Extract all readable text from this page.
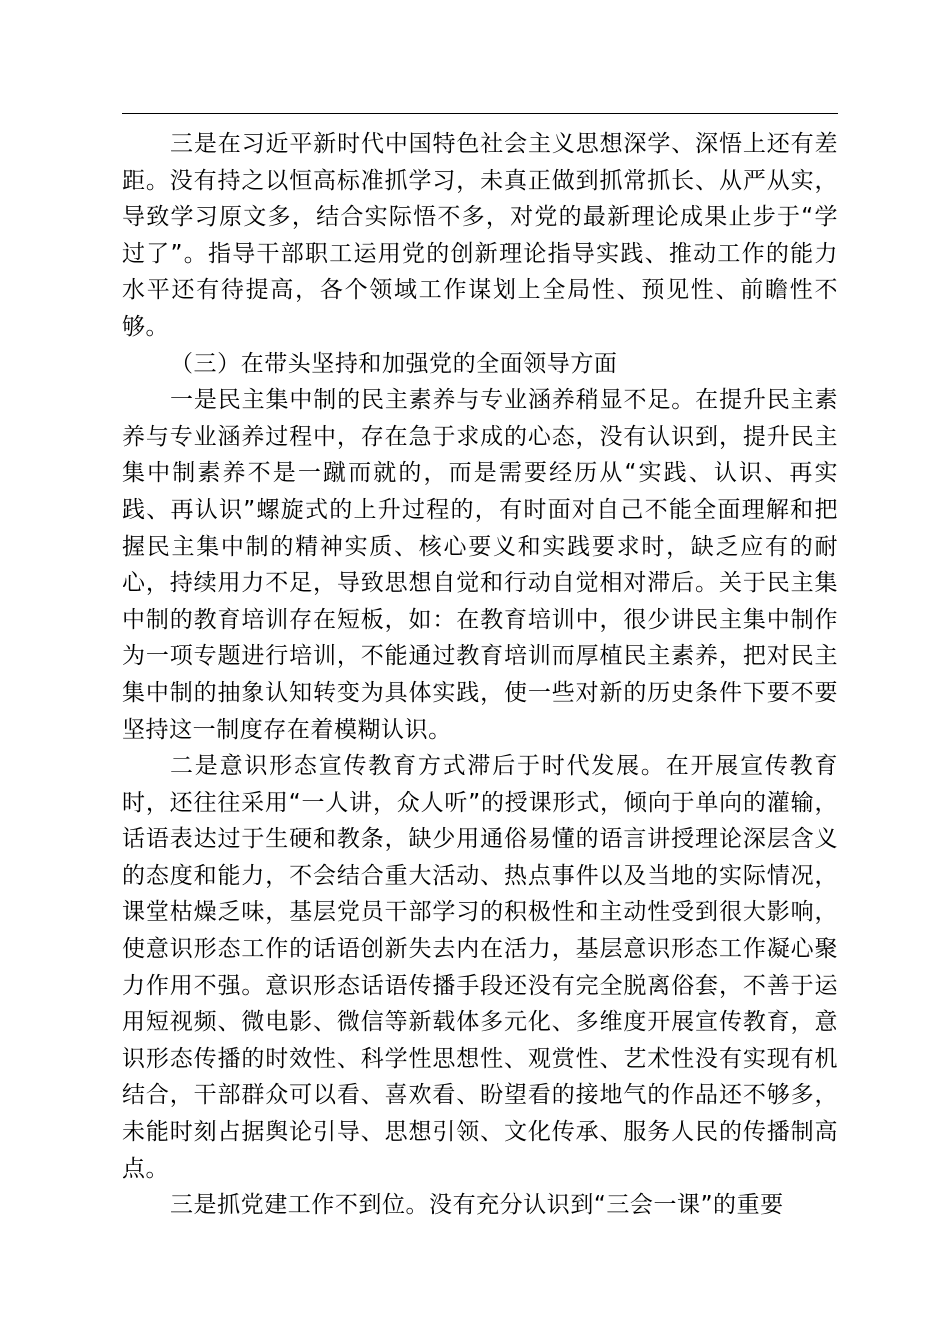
三是在习近平新时代中国特色社会主义思想深学、深悟上还有差距。没有持之以恒高标准抓学习，未真正做到抓常抓长、从严从实，导致学习原文多，结合实际悟不多，对党的最新理论成果止步于“学过了”。指导干部职工运用党的创新理论指导实践、推动工作的能力水平还有待提高，各个领域工作谋划上全局性、预见性、前瞻性不够。

（三）在带头坚持和加强党的全面领导方面

一是民主集中制的民主素养与专业涵养稍显不足。在提升民主素养与专业涵养过程中，存在急于求成的心态，没有认识到，提升民主集中制素养不是一蹴而就的，而是需要经历从“实践、认识、再实践、再认识”螺旋式的上升过程的，有时面对自己不能全面理解和把握民主集中制的精神实质、核心要义和实践要求时，缺乏应有的耐心，持续用力不足，导致思想自觉和行动自觉相对滞后。关于民主集中制的教育培训存在短板，如：在教育培训中，很少讲民主集中制作为一项专题进行培训，不能通过教育培训而厚植民主素养，把对民主集中制的抽象认知转变为具体实践，使一些对新的历史条件下要不要坚持这一制度存在着模糊认识。

二是意识形态宣传教育方式滞后于时代发展。在开展宣传教育时，还往往采用“一人讲，众人听”的授课形式，倾向于单向的灌输，话语表达过于生硬和教条，缺少用通俗易懂的语言讲授理论深层含义的态度和能力，不会结合重大活动、热点事件以及当地的实际情况，课堂枯燥乏味，基层党员干部学习的积极性和主动性受到很大影响，使意识形态工作的话语创新失去内在活力，基层意识形态工作凝心聚力作用不强。意识形态话语传播手段还没有完全脱离俗套，不善于运用短视频、微电影、微信等新载体多元化、多维度开展宣传教育，意识形态传播的时效性、科学性思想性、观赏性、艺术性没有实现有机结合，干部群众可以看、喜欢看、盼望看的接地气的作品还不够多，未能时刻占据舆论引导、思想引领、文化传承、服务人民的传播制高点。

三是抓党建工作不到位。没有充分认识到“三会一课”的重要
